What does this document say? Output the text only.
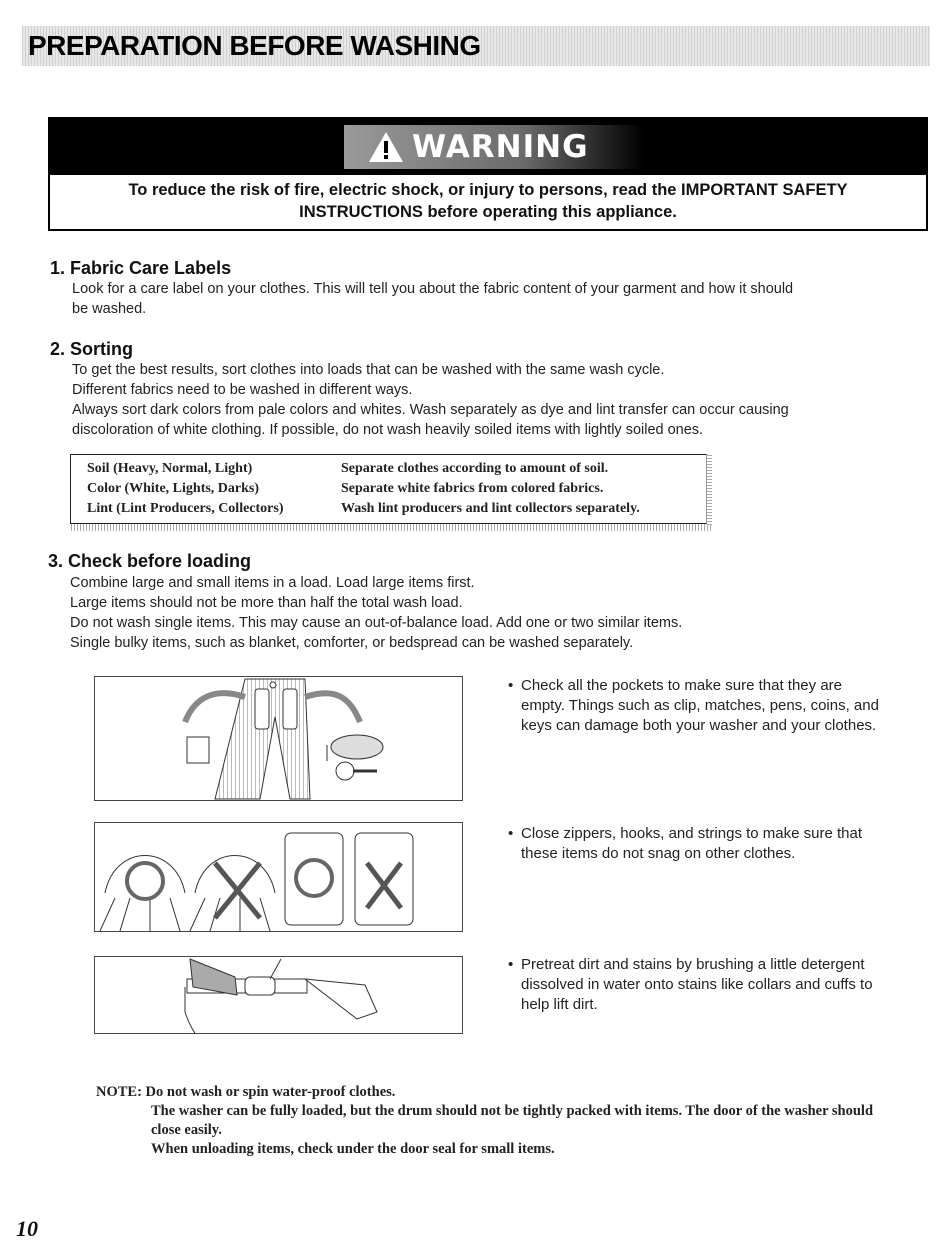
PREPARATION BEFORE WASHING
WARNING
To reduce the risk of fire, electric shock, or injury to persons, read the IMPORTANT SAFETY
INSTRUCTIONS before operating this appliance.
1. Fabric Care Labels
Look for a care label on your clothes. This will tell you about the fabric content of your garment and how it should
be washed.
2. Sorting
To get the best results, sort clothes into loads that can be washed with the same wash cycle.
Different fabrics need to be washed in different ways.
Always sort dark colors from pale colors and whites. Wash separately as dye and lint transfer can occur causing
discoloration of white clothing. If possible, do not wash heavily soiled items with lightly soiled ones.
Soil (Heavy, Normal, Light)	Separate clothes according to amount of soil.
Color (White, Lights, Darks)	Separate white fabrics from colored fabrics.
Lint (Lint Producers, Collectors)	Wash lint producers and lint collectors separately.
3. Check before loading
Combine large and small items in a load. Load large items first.
Large items should not be more than half the total wash load.
Do not wash single items. This may cause an out-of-balance load. Add one or two similar items.
Single bulky items, such as blanket, comforter, or bedspread can be washed separately.
• Check all the pockets to make sure that they are empty. Things such as clip, matches, pens, coins, and keys can damage both your washer and your clothes.
• Close zippers, hooks, and strings to make sure that these items do not snag on other clothes.
• Pretreat dirt and stains by brushing a little detergent dissolved in water onto stains like collars and cuffs to help lift dirt.
NOTE: Do not wash or spin water-proof clothes.
The washer can be fully loaded, but the drum should not be tightly packed with items. The door of the washer should close easily.
When unloading items, check under the door seal for small items.
10
